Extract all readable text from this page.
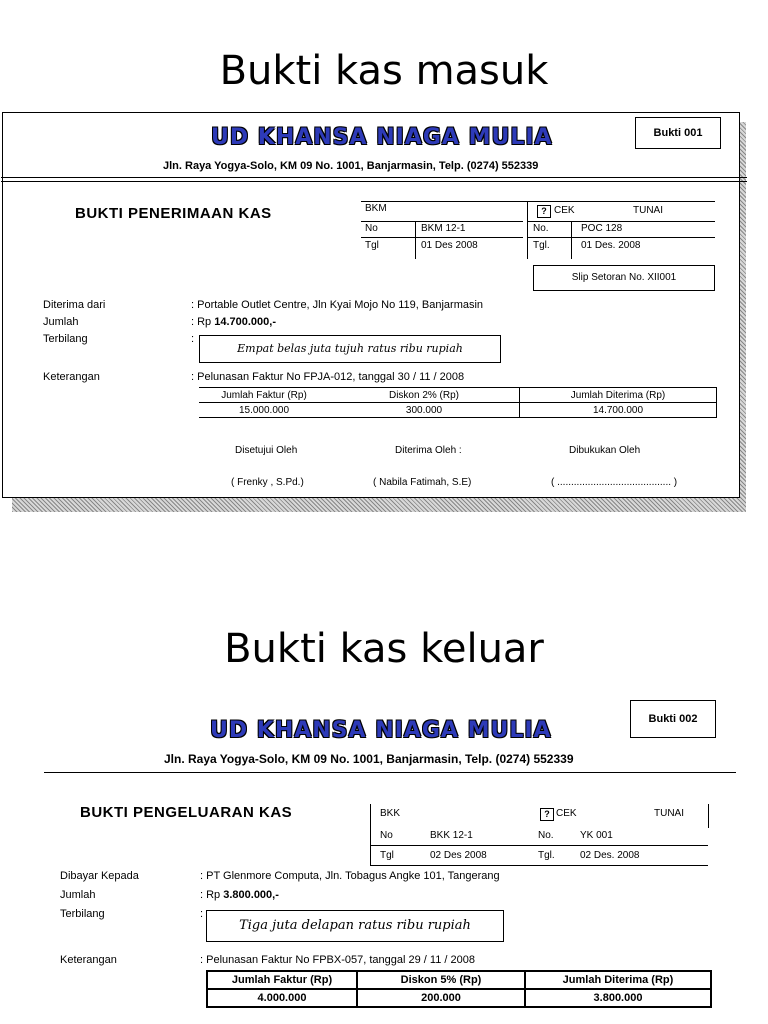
Bukti kas masuk
UD KHANSA NIAGA MULIA
Jln. Raya Yogya-Solo, KM 09 No. 1001, Banjarmasin, Telp. (0274) 552339
Bukti 001
BUKTI PENERIMAAN KAS	BKM
No	BKM 12-1
Tgl	01 Des 2008
? CEK	TUNAI
No.	POC 128
Tgl.	01 Des. 2008
Slip Setoran No. XII001
Diterima dari	: Portable Outlet Centre, Jln Kyai Mojo No 119, Banjarmasin
Jumlah	: Rp 14.700.000,-
Terbilang	:
Empat belas juta tujuh ratus ribu rupiah
Keterangan	: Pelunasan Faktur No FPJA-012, tanggal 30 / 11 / 2008
Jumlah Faktur (Rp)	Diskon 2% (Rp)	Jumlah Diterima (Rp)
15.000.000	300.000	14.700.000
Disetujui Oleh	Diterima Oleh :	Dibukukan Oleh
( Frenky , S.Pd.)	( Nabila Fatimah, S.E)	( ......................................... )
Bukti kas keluar
UD KHANSA NIAGA MULIA
Jln. Raya Yogya-Solo, KM 09 No. 1001, Banjarmasin, Telp. (0274) 552339
Bukti 002
BUKTI PENGELUARAN KAS	BKK
No	BKK 12-1
Tgl	02 Des 2008
? CEK	TUNAI
No.	YK 001
Tgl.	02 Des. 2008
Dibayar Kepada	: PT Glenmore Computa, Jln. Tobagus Angke 101, Tangerang
Jumlah	: Rp 3.800.000,-
Terbilang	:
Tiga juta delapan ratus ribu rupiah
Keterangan	: Pelunasan Faktur No FPBX-057, tanggal 29 / 11 / 2008
Jumlah Faktur (Rp)	Diskon 5% (Rp)	Jumlah Diterima (Rp)
4.000.000	200.000	3.800.000
